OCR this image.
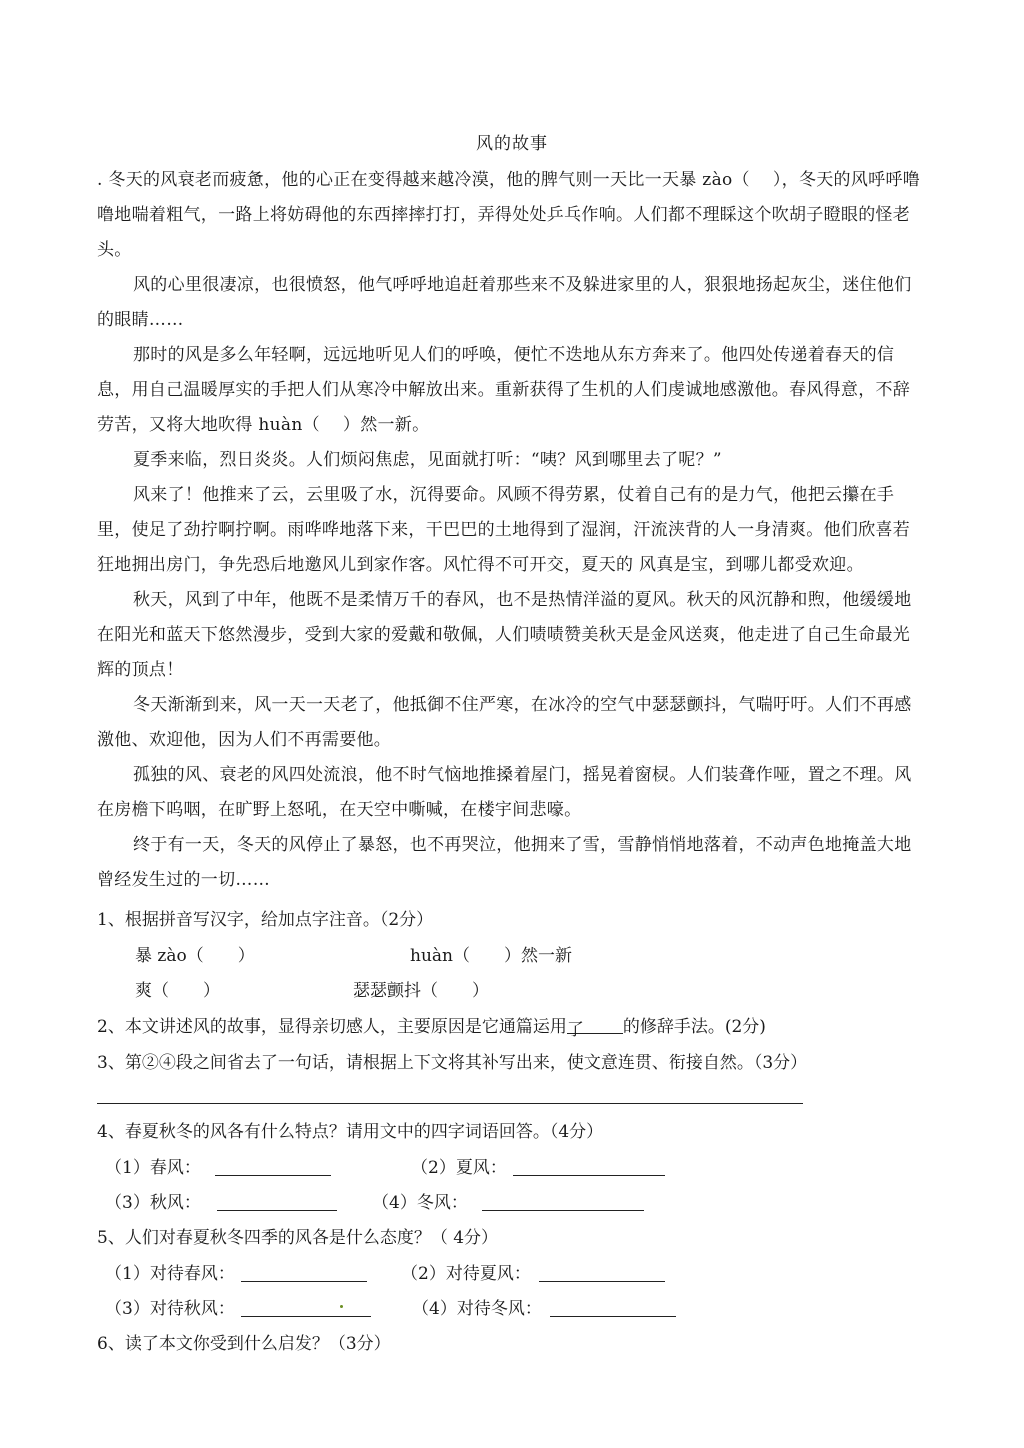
风的故事

. 冬天的风衰老而疲惫，他的心正在变得越来越冷漠，他的脾气则一天比一天暴 zào（　 ），冬天的风呼呼噜噜地喘着粗气，一路上将妨碍他的东西摔摔打打，弄得处处乒乓作响。人们都不理睬这个吹胡子瞪眼的怪老头。

风的心里很凄凉，也很愤怒，他气呼呼地追赶着那些来不及躲进家里的人，狠狠地扬起灰尘，迷住他们的眼睛……

那时的风是多么年轻啊，远远地听见人们的呼唤，便忙不迭地从东方奔来了。他四处传递着春天的信息，用自己温暖厚实的手把人们从寒冷中解放出来。重新获得了生机的人们虔诚地感激他。春风得意，不辞劳苦，又将大地吹得 huàn（　 ）然一新。

夏季来临，烈日炎炎。人们烦闷焦虑，见面就打听：“咦？风到哪里去了呢？”

风来了！他推来了云，云里吸了水，沉得要命。风顾不得劳累，仗着自己有的是力气，他把云攥在手里，使足了劲拧啊拧啊。雨哗哗地落下来，干巴巴的土地得到了湿润，汗流浃背的人一身清爽。他们欣喜若狂地拥出房门，争先恐后地邀风儿到家作客。风忙得不可开交，夏天的 风真是宝，到哪儿都受欢迎。

秋天，风到了中年，他既不是柔情万千的春风，也不是热情洋溢的夏风。秋天的风沉静和煦，他缓缓地在阳光和蓝天下悠然漫步，受到大家的爱戴和敬佩，人们啧啧赞美秋天是金风送爽，他走进了自己生命最光辉的顶点！

冬天渐渐到来，风一天一天老了，他抵御不住严寒，在冰冷的空气中瑟瑟颤抖，气喘吁吁。人们不再感激他、欢迎他，因为人们不再需要他。

孤独的风、衰老的风四处流浪，他不时气恼地推搡着屋门，摇晃着窗棂。人们装聋作哑，置之不理。风在房檐下呜咽，在旷野上怒吼，在天空中嘶喊，在楼宇间悲嚎。

终于有一天，冬天的风停止了暴怒，也不再哭泣，他拥来了雪，雪静悄悄地落着，不动声色地掩盖大地曾经发生过的一切……

1、根据拼音写汉字，给加点字注音。（2分）
暴 zào（　　）	huàn（　　）然一新
爽（　　）	瑟瑟颤抖（　　）
2、本文讲述风的故事，显得亲切感人，主要原因是它通篇运用了 的修辞手法。(2分)
3、第②④段之间省去了一句话，请根据上下文将其补写出来，使文意连贯、衔接自然。（3分）
4、春夏秋冬的风各有什么特点？请用文中的四字词语回答。（4分）
（1）春风：	（2）夏风：
（3）秋风：	（4）冬风：
5、人们对春夏秋冬四季的风各是什么态度？（ 4分）
（1）对待春风：	（2）对待夏风：
（3）对待秋风：	（4）对待冬风：
6、读了本文你受到什么启发？（3分）
